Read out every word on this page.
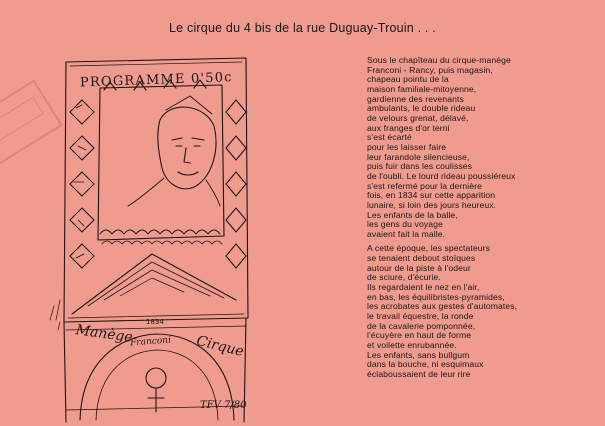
Le cirque du 4 bis de la rue Duguay-Trouin . . .
PROGRAMME 0'50c
Manège
Franconi Cirque
1834
TFV 7/80

Sous le chapîteau du cirque-manège
Franconi - Rancy, puis magasin,
chapeau pointu de la
maison familiale-mitoyenne,
gardienne des revenants
ambulants, le double rideau
de velours grenat, délavé,
aux franges d'or terni
s'est écarté
pour les laisser faire
leur farandole silencieuse,
puis fuir dans les coulisses
de l'oubli. Le lourd rideau poussiéreux
s'est refermé pour la dernière
fois, en 1834 sur cette apparition
lunaire, si loin des jours heureux.
Les enfants de la balle,
les gens du voyage
avaient fait la malle.

A cette époque, les spectateurs
se tenaient debout stoïques
autour de la piste à l'odeur
de sciure, d'écurie.
Ils regardaient le nez en l'air,
en bas, les équilibristes-pyramides,
les acrobates aux gestes d'automates,
le travail équestre, la ronde
de la cavalerie pomponnée,
l'écuyère en haut de forme
et voilette enrubannée.
Les enfants, sans bullgum
dans la bouche, ni esquimaux
éclaboussaient de leur rire
